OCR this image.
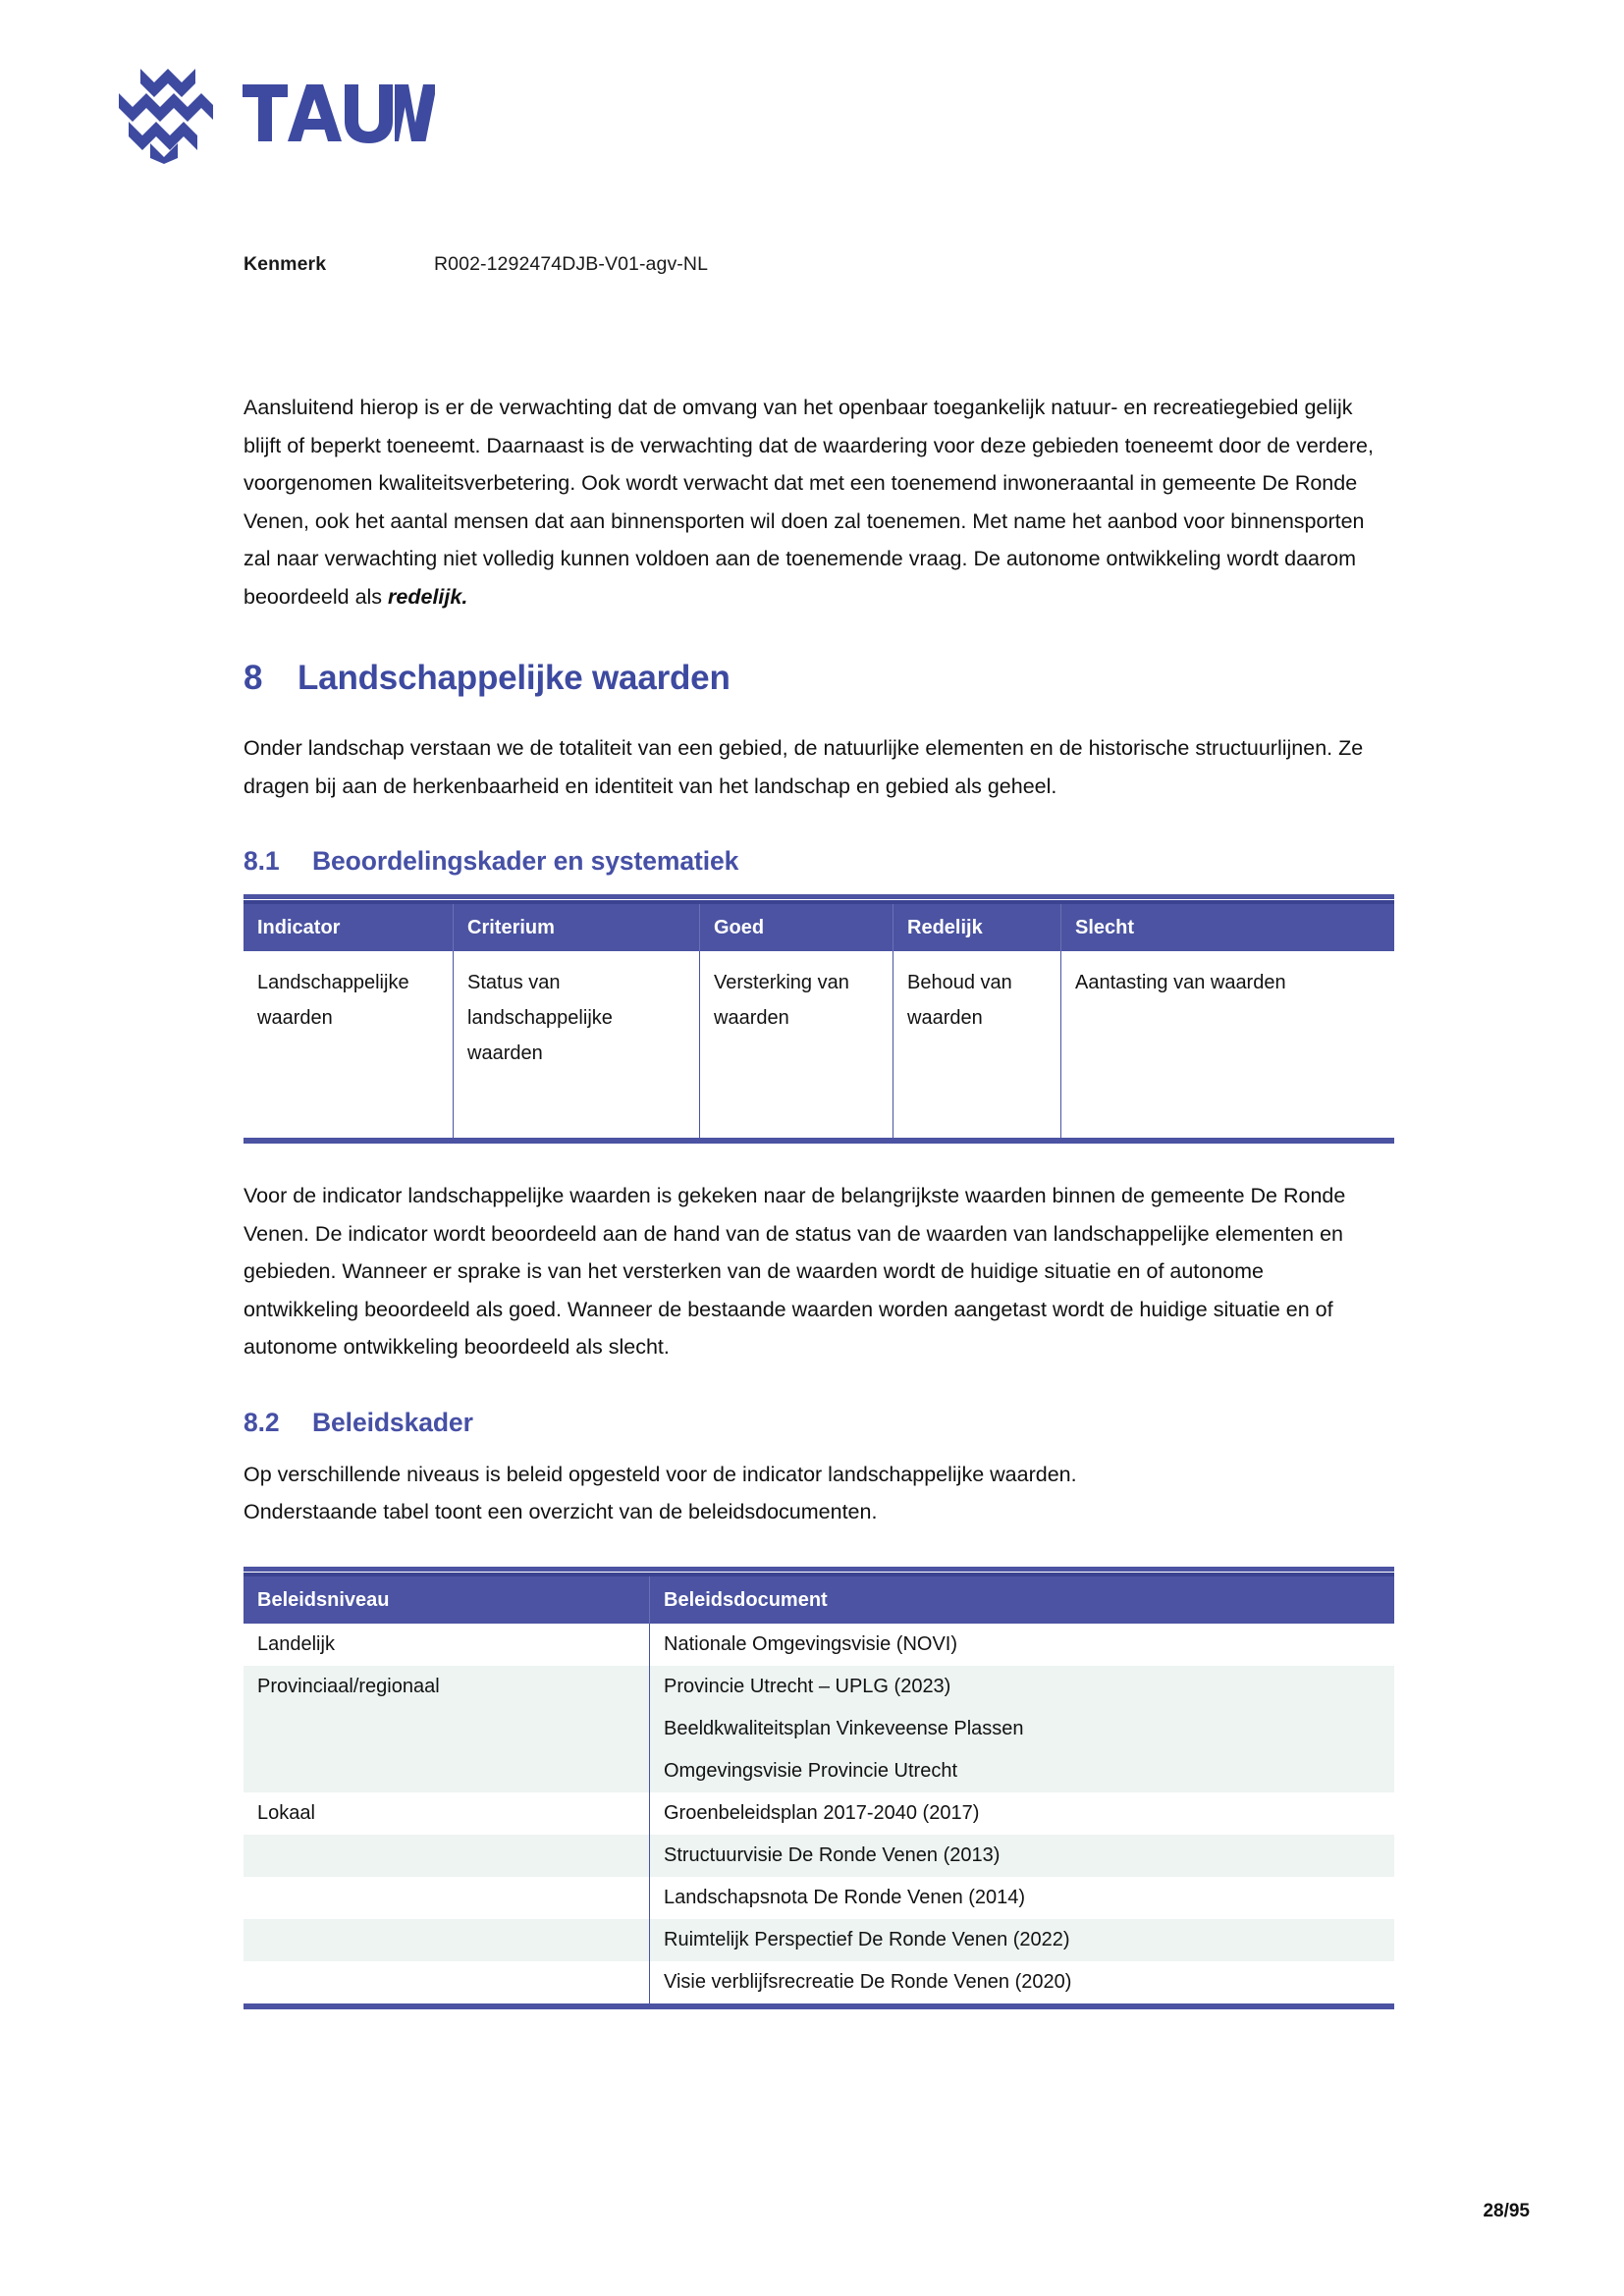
Kenmerk	R002-1292474DJB-V01-agv-NL

Aansluitend hierop is er de verwachting dat de omvang van het openbaar toegankelijk natuur- en recreatiegebied gelijk blijft of beperkt toeneemt. Daarnaast is de verwachting dat de waardering voor deze gebieden toeneemt door de verdere, voorgenomen kwaliteitsverbetering. Ook wordt verwacht dat met een toenemend inwoneraantal in gemeente De Ronde Venen, ook het aantal mensen dat aan binnensporten wil doen zal toenemen. Met name het aanbod voor binnensporten zal naar verwachting niet volledig kunnen voldoen aan de toenemende vraag. De autonome ontwikkeling wordt daarom beoordeeld als redelijk.

8	Landschappelijke waarden

Onder landschap verstaan we de totaliteit van een gebied, de natuurlijke elementen en de historische structuurlijnen. Ze dragen bij aan de herkenbaarheid en identiteit van het landschap en gebied als geheel.

8.1	Beoordelingskader en systematiek
Indicator	Criterium	Goed	Redelijk	Slecht
Landschappelijke waarden	Status van landschappelijke waarden	Versterking van waarden	Behoud van waarden	Aantasting van waarden

Voor de indicator landschappelijke waarden is gekeken naar de belangrijkste waarden binnen de gemeente De Ronde Venen. De indicator wordt beoordeeld aan de hand van de status van de waarden van landschappelijke elementen en gebieden. Wanneer er sprake is van het versterken van de waarden wordt de huidige situatie en of autonome ontwikkeling beoordeeld als goed. Wanneer de bestaande waarden worden aangetast wordt de huidige situatie en of autonome ontwikkeling beoordeeld als slecht.

8.2	Beleidskader

Op verschillende niveaus is beleid opgesteld voor de indicator landschappelijke waarden.

Onderstaande tabel toont een overzicht van de beleidsdocumenten.

Beleidsniveau	Beleidsdocument
Landelijk	Nationale Omgevingsvisie (NOVI)
Provinciaal/regionaal	Provincie Utrecht – UPLG (2023)
	Beeldkwaliteitsplan Vinkeveense Plassen
	Omgevingsvisie Provincie Utrecht
Lokaal	Groenbeleidsplan 2017-2040 (2017)
	Structuurvisie De Ronde Venen (2013)
	Landschapsnota De Ronde Venen (2014)
	Ruimtelijk Perspectief De Ronde Venen (2022)
	Visie verblijfsrecreatie De Ronde Venen (2020)
28/95
